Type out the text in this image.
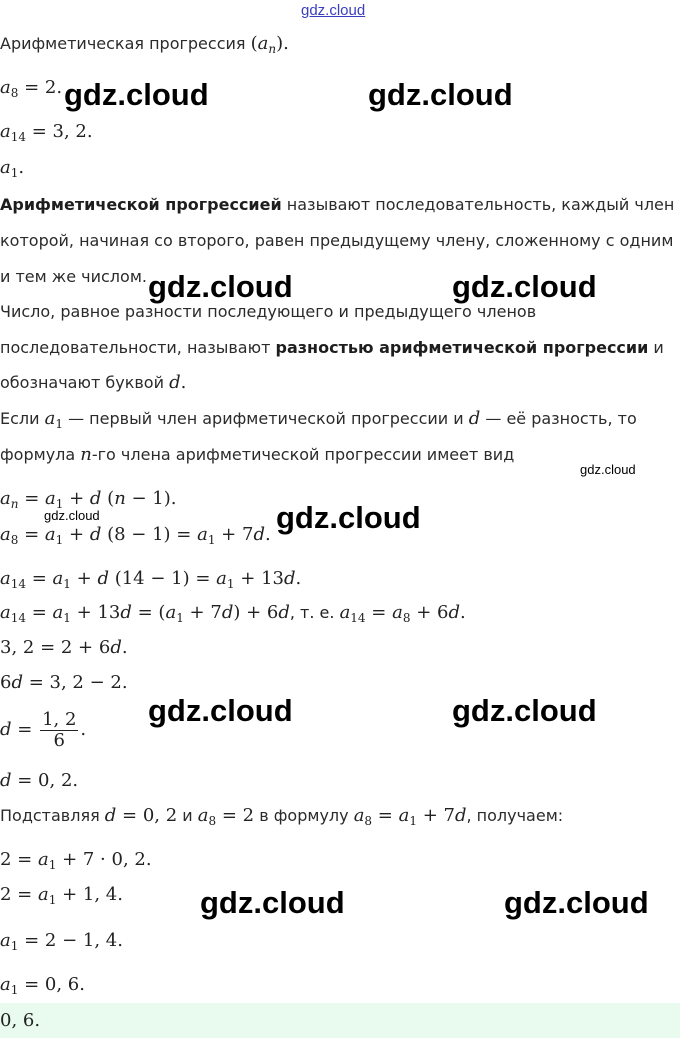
gdz.cloud
Арифметическая прогрессия $(a_n)$.
$a_8 = 2$.
$a_{14} = 3$, 2.
$a_1$.
Арифметической прогрессией называют последовательность, каждый член
которой, начиная со второго, равен предыдущему члену, сложенному с одним
и тем же числом.
Число, равное разности последующего и предыдущего членов
последовательности, называют разностью арифметической прогрессии и
обозначают буквой d.
Если $a_1$ — первый член арифметической прогрессии и d — её разность, то
формула n-го члена арифметической прогрессии имеет вид
$a_n = a_1 + d$ (n − 1).
$a_8 = a_1 + d$ $(8 - 1) = a_1 + 7d$.
$a_{14} = a_1 + d$ $(14 - 1) = a_1 + 13d$.
$a_{14} = a_1 + 13d = (a_1 + 7d) + 6d$, т. е. $a_{14} = a_8 + 6d$.
3, 2 = 2 + 6d.
6d = 3, 2 − 2.
$d = \frac{1, 2}{6}$ .
d = 0, 2.
Подставляя d = 0, 2 и $a_8 = 2$ в формулу $a_8 = a_1 + 7d$, получаем:
$2 = a_1 + 7 \cdot 0$, 2.
$2 = a_1 + 1$, 4.
$a_1 = 2 - 1$, 4.
$a_1 = 0$, 6.
0, 6.
gdz.cloud	gdz.cloud
gdz.cloud	gdz.cloud
gdz.cloud
gdz.cloud	gdz.cloud
gdz.cloud	gdz.cloud
gdz.cloud	gdz.cloud
